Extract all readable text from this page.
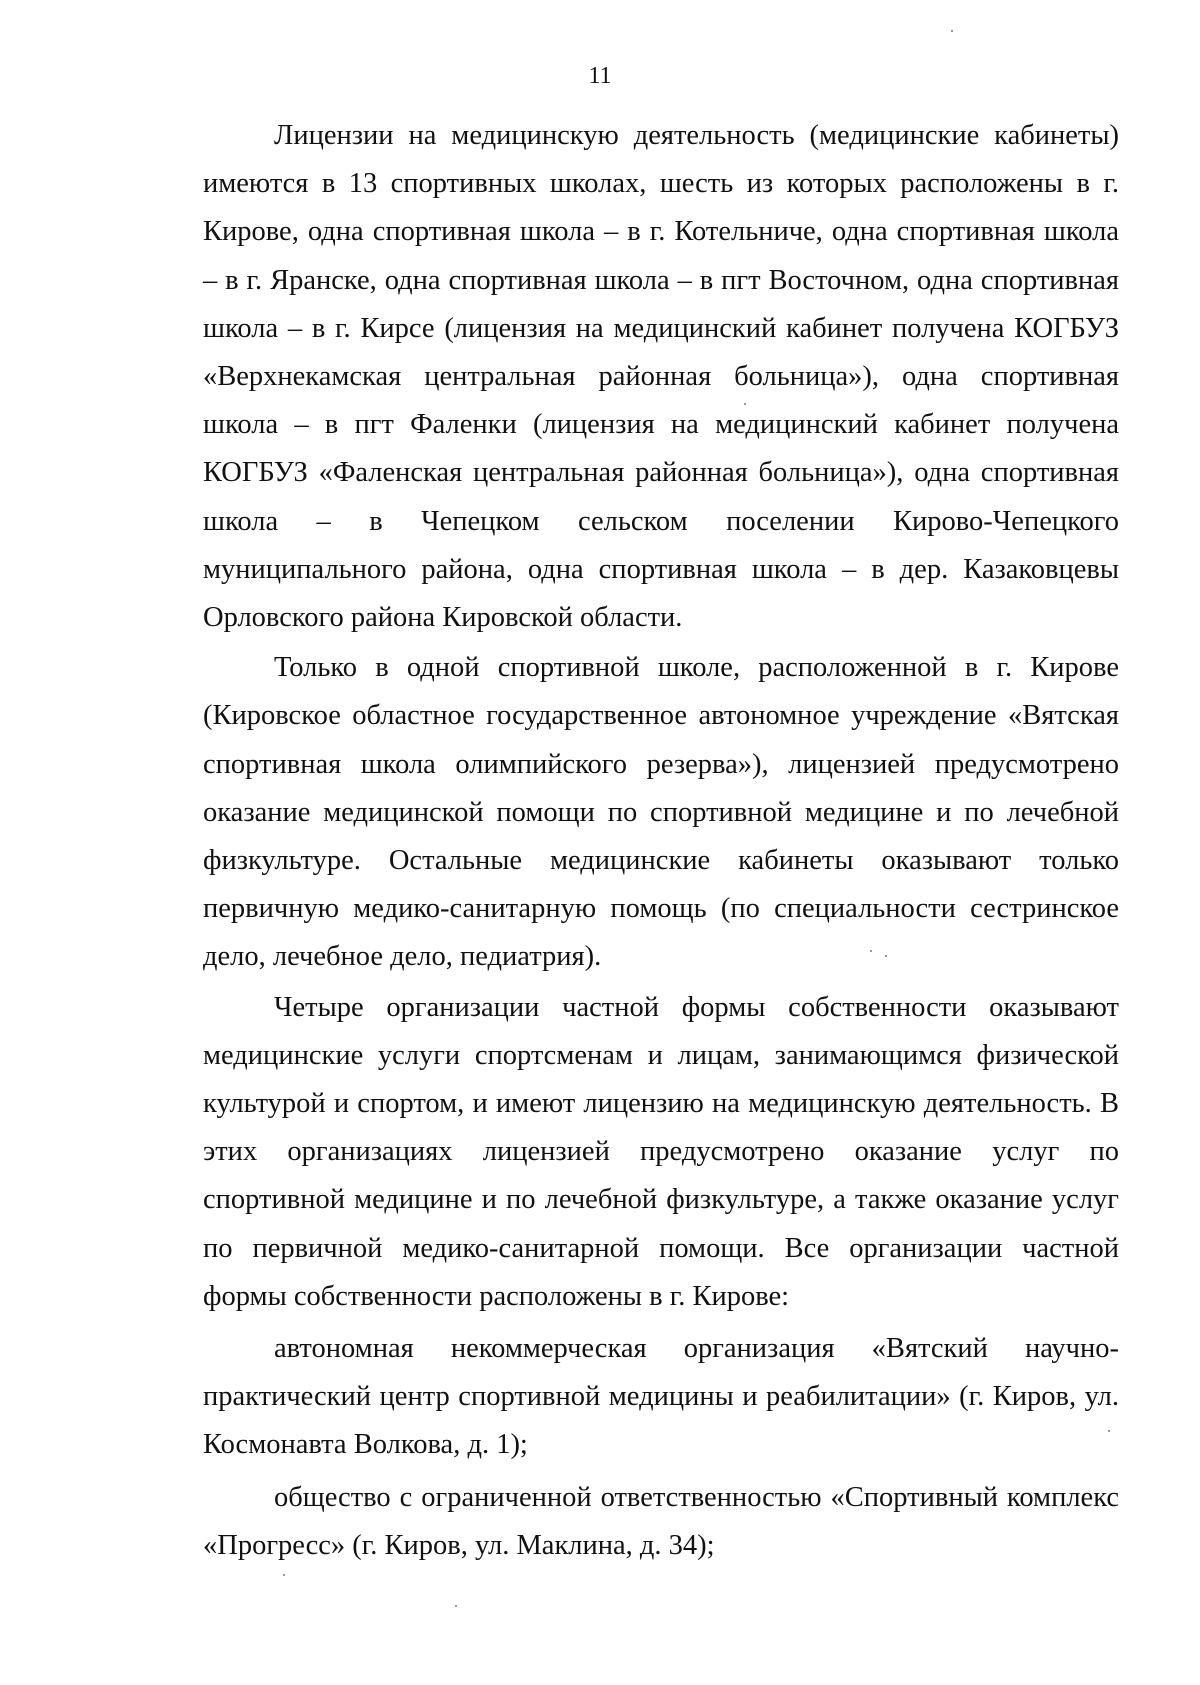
11

Лицензии на медицинскую деятельность (медицинские кабинеты) имеются в 13 спортивных школах, шесть из которых расположены в г. Кирове, одна спортивная школа – в г. Котельниче, одна спортивная школа – в г. Яранске, одна спортивная школа – в пгт Восточном, одна спортивная школа – в г. Кирсе (лицензия на медицинский кабинет получена КОГБУЗ «Верхнекамская центральная районная больница»), одна спортивная школа – в пгт Фаленки (лицензия на медицинский кабинет получена КОГБУЗ «Фаленская центральная районная больница»), одна спортивная школа – в Чепецком сельском поселении Кирово-Чепецкого муниципального района, одна спортивная школа – в дер. Казаковцевы Орловского района Кировской области.

Только в одной спортивной школе, расположенной в г. Кирове (Кировское областное государственное автономное учреждение «Вятская спортивная школа олимпийского резерва»), лицензией предусмотрено оказание медицинской помощи по спортивной медицине и по лечебной физкультуре. Остальные медицинские кабинеты оказывают только первичную медико-санитарную помощь (по специальности сестринское дело, лечебное дело, педиатрия).

Четыре организации частной формы собственности оказывают медицинские услуги спортсменам и лицам, занимающимся физической культурой и спортом, и имеют лицензию на медицинскую деятельность. В этих организациях лицензией предусмотрено оказание услуг по спортивной медицине и по лечебной физкультуре, а также оказание услуг по первичной медико-санитарной помощи. Все организации частной формы собственности расположены в г. Кирове:

автономная некоммерческая организация «Вятский научно-практический центр спортивной медицины и реабилитации» (г. Киров, ул. Космонавта Волкова, д. 1);

общество с ограниченной ответственностью «Спортивный комплекс «Прогресс» (г. Киров, ул. Маклина, д. 34);
